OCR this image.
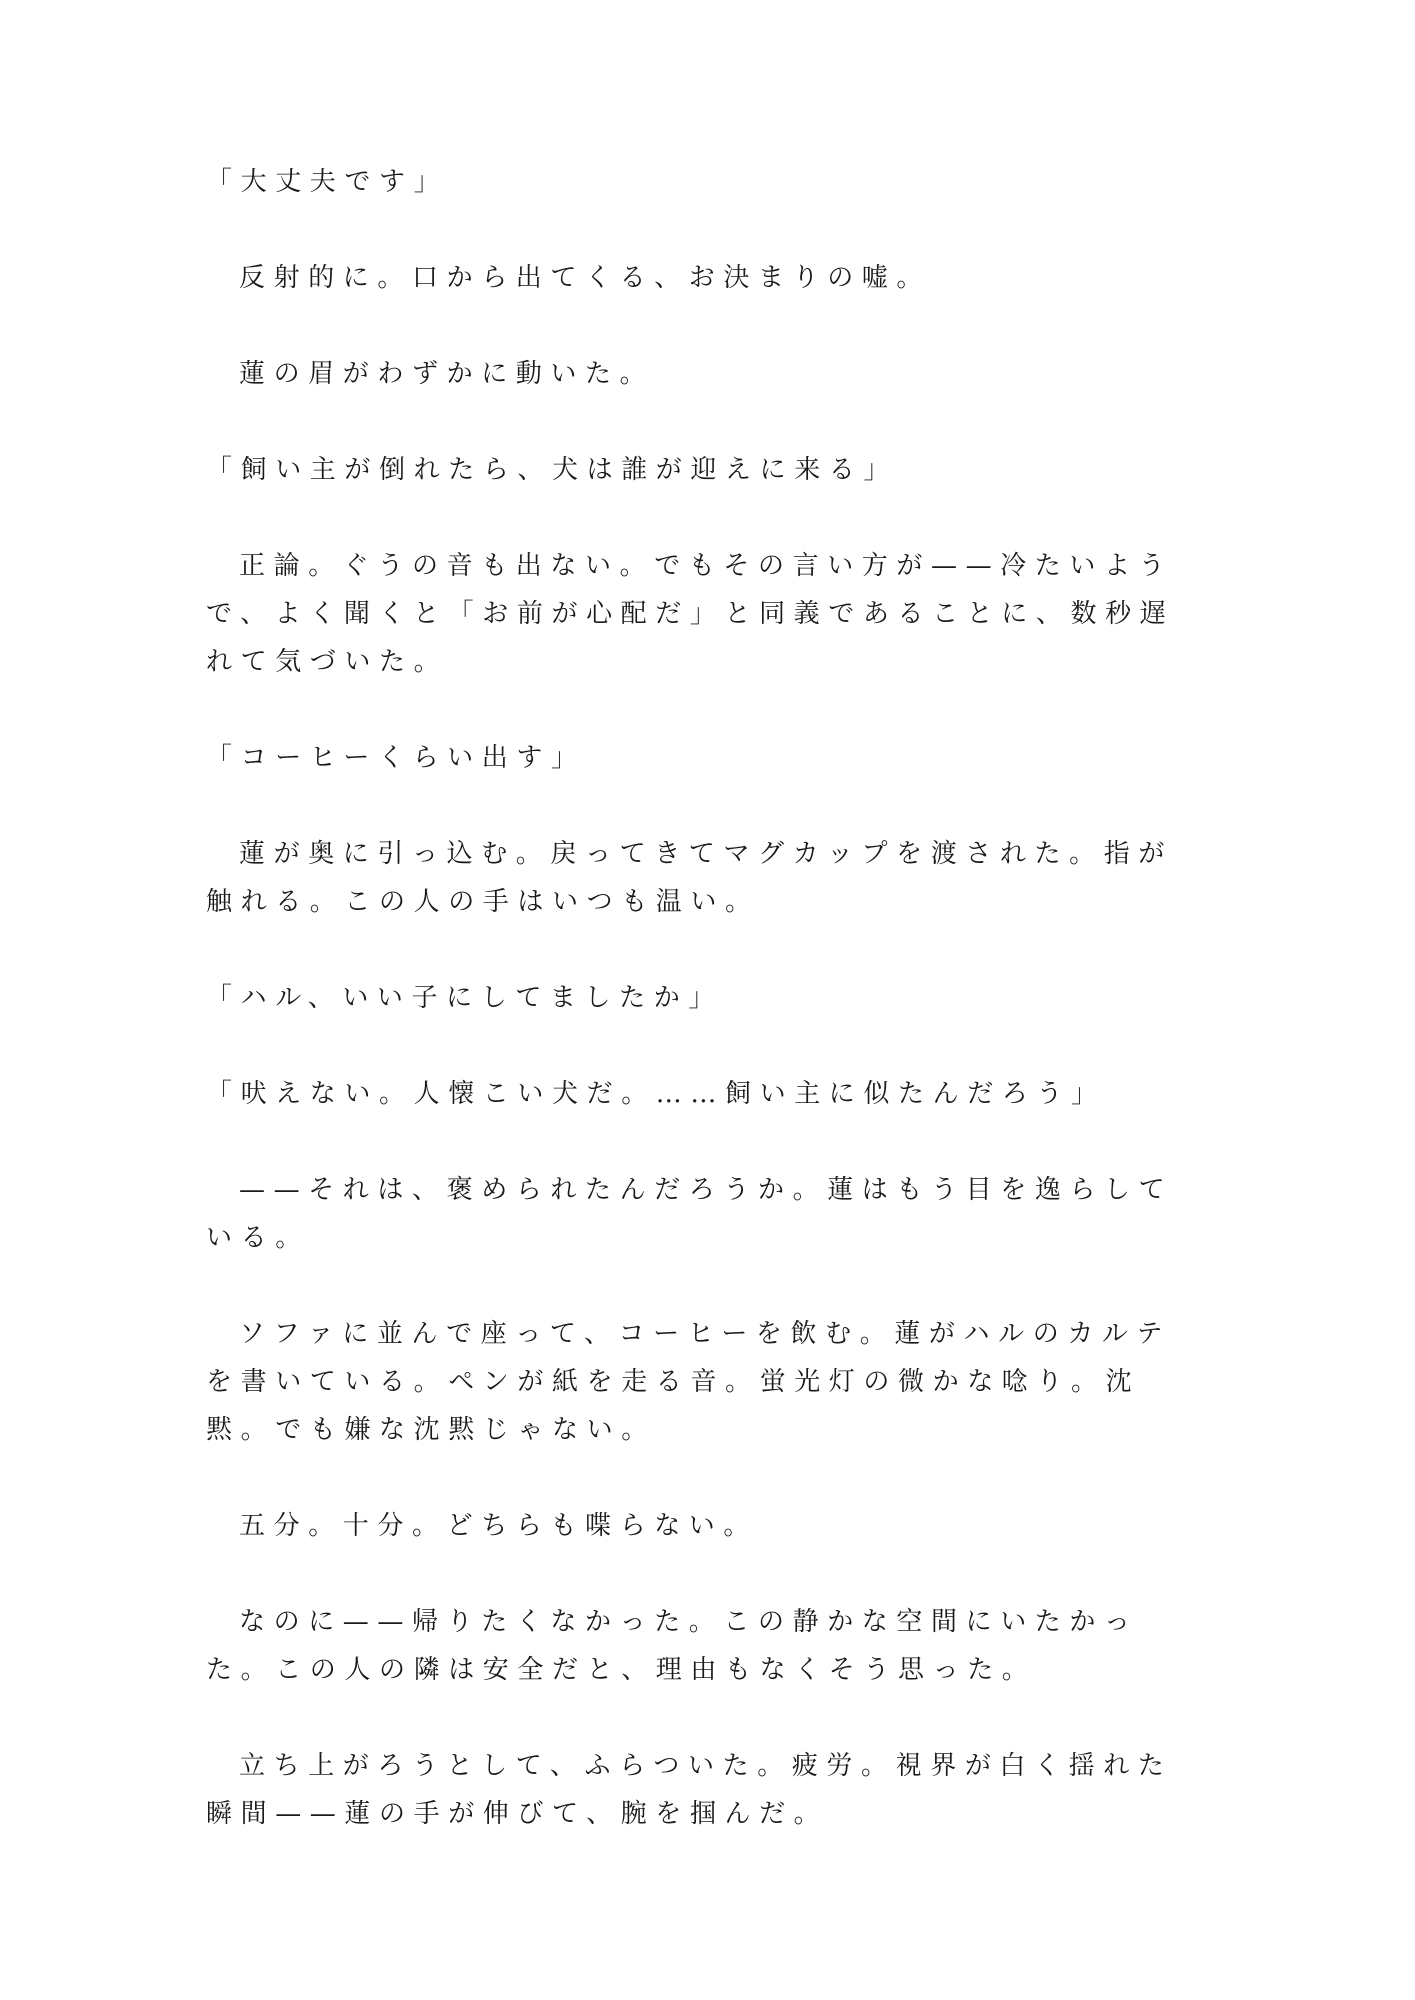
「大丈夫です」

反射的に。口から出てくる、お決まりの嘘。

蓮の眉がわずかに動いた。

「飼い主が倒れたら、犬は誰が迎えに来る」

正論。ぐうの音も出ない。でもその言い方が——冷たいようで、よく聞くと「お前が心配だ」と同義であることに、数秒遅れて気づいた。

「コーヒーくらい出す」

蓮が奥に引っ込む。戻ってきてマグカップを渡された。指が触れる。この人の手はいつも温い。

「ハル、いい子にしてましたか」

「吠えない。人懐こい犬だ。……飼い主に似たんだろう」

——それは、褒められたんだろうか。蓮はもう目を逸らしている。

ソファに並んで座って、コーヒーを飲む。蓮がハルのカルテを書いている。ペンが紙を走る音。蛍光灯の微かな唸り。沈黙。でも嫌な沈黙じゃない。

五分。十分。どちらも喋らない。

なのに——帰りたくなかった。この静かな空間にいたかった。この人の隣は安全だと、理由もなくそう思った。

立ち上がろうとして、ふらついた。疲労。視界が白く揺れた瞬間——蓮の手が伸びて、腕を掴んだ。
